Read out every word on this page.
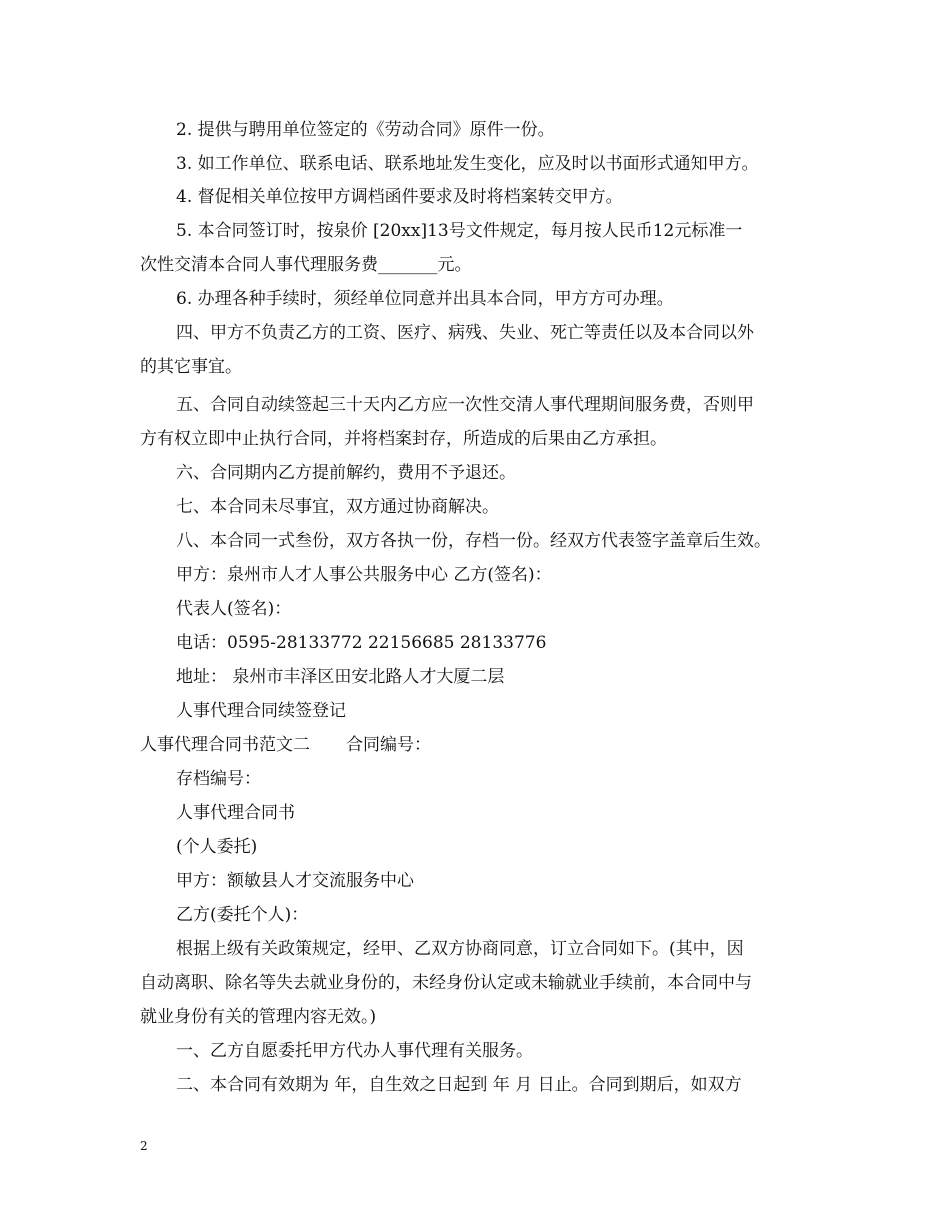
2. 提供与聘用单位签定的《劳动合同》原件一份。
3. 如工作单位、联系电话、联系地址发生变化，应及时以书面形式通知甲方。
4. 督促相关单位按甲方调档函件要求及时将档案转交甲方。
5. 本合同签订时，按泉价 [20xx]13号文件规定，每月按人民币12元标准一
次性交清本合同人事代理服务费_______元。
6. 办理各种手续时，须经单位同意并出具本合同，甲方方可办理。
四、甲方不负责乙方的工资、医疗、病残、失业、死亡等责任以及本合同以外
的其它事宜。
五、合同自动续签起三十天内乙方应一次性交清人事代理期间服务费，否则甲
方有权立即中止执行合同，并将档案封存，所造成的后果由乙方承担。
六、合同期内乙方提前解约，费用不予退还。
七、本合同未尽事宜，双方通过协商解决。
八、本合同一式叁份，双方各执一份，存档一份。经双方代表签字盖章后生效。
甲方：泉州市人才人事公共服务中心 乙方(签名)：
代表人(签名)：
电话：0595-28133772 22156685 28133776
地址： 泉州市丰泽区田安北路人才大厦二层
人事代理合同续签登记
人事代理合同书范文二 合同编号：
存档编号：
人事代理合同书
(个人委托)
甲方：额敏县人才交流服务中心
乙方(委托个人)：
根据上级有关政策规定，经甲、乙双方协商同意，订立合同如下。(其中，因
自动离职、除名等失去就业身份的，未经身份认定或未输就业手续前，本合同中与
就业身份有关的管理内容无效。)
一、乙方自愿委托甲方代办人事代理有关服务。
二、本合同有效期为 年，自生效之日起到 年 月 日止。合同到期后，如双方
2
